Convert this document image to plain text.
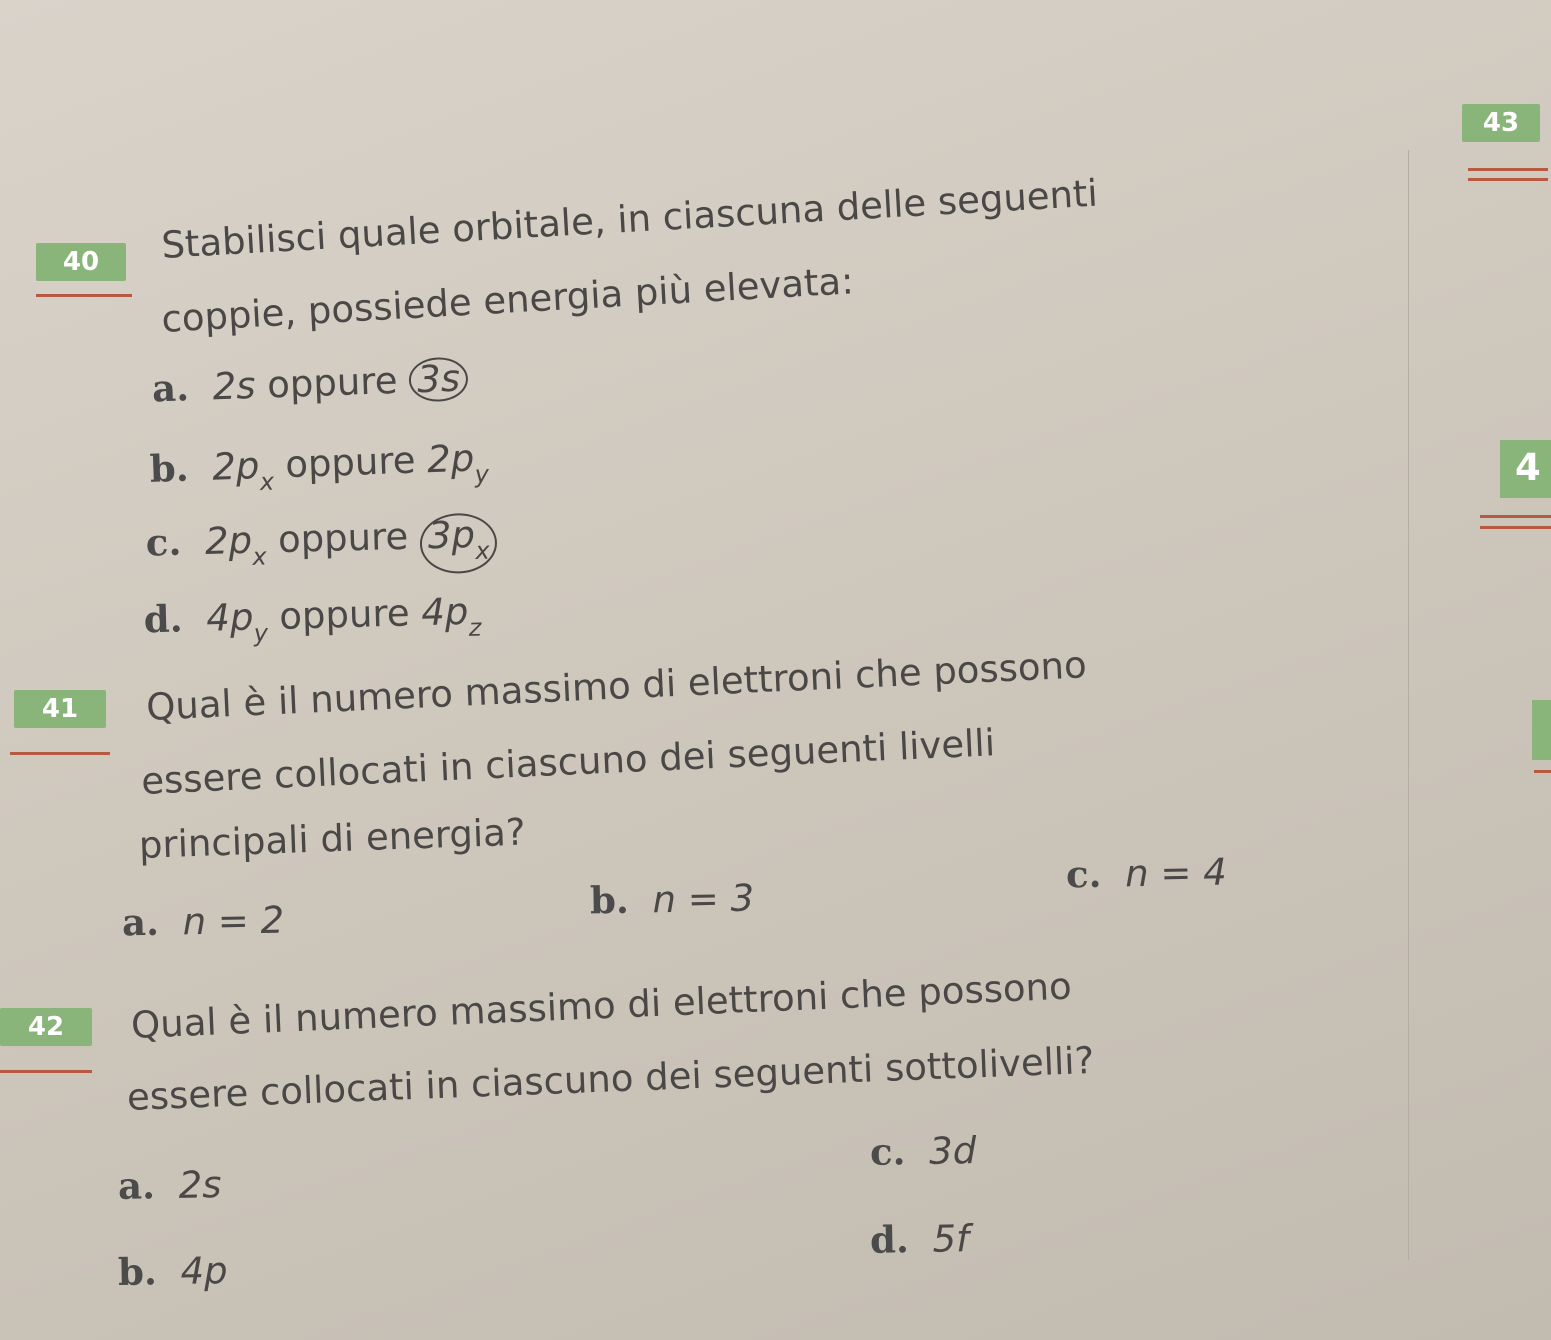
43
4
40	Stabilisci quale orbitale, in ciascuna delle seguenti
coppie, possiede energia più elevata:
a. 2s oppure 3s
b. $2p_x$ oppure $2p_y$
c. $2p_x$ oppure $3p_x$
d. $4p_y$ oppure $4p_z$
41	Qual è il numero massimo di elettroni che possono
essere collocati in ciascuno dei seguenti livelli
principali di energia?
a. n = 2	b. n = 3
c. n = 4
42	Qual è il numero massimo di elettroni che possono
essere collocati in ciascuno dei seguenti sottolivelli?
a. 2s
b. 4p
c. 3d
d. 5f
